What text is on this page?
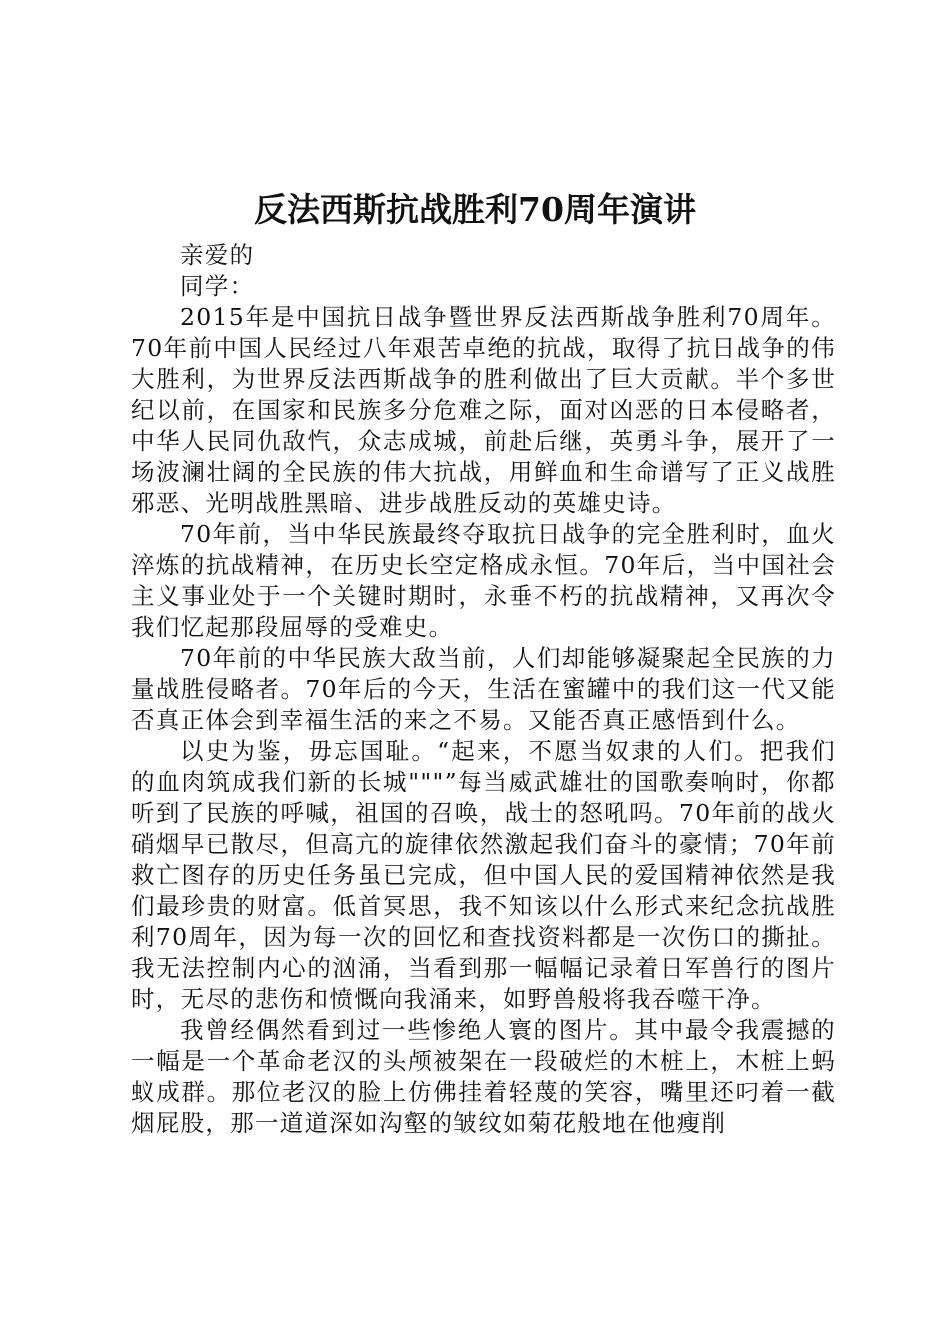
反法西斯抗战胜利70周年演讲

亲爱的

同学：

2015年是中国抗日战争暨世界反法西斯战争胜利70周年。70年前中国人民经过八年艰苦卓绝的抗战，取得了抗日战争的伟大胜利，为世界反法西斯战争的胜利做出了巨大贡献。半个多世纪以前，在国家和民族多分危难之际，面对凶恶的日本侵略者，中华人民同仇敌忾，众志成城，前赴后继，英勇斗争，展开了一场波澜壮阔的全民族的伟大抗战，用鲜血和生命谱写了正义战胜邪恶、光明战胜黑暗、进步战胜反动的英雄史诗。

70年前，当中华民族最终夺取抗日战争的完全胜利时，血火淬炼的抗战精神，在历史长空定格成永恒。70年后，当中国社会主义事业处于一个关键时期时，永垂不朽的抗战精神，又再次令我们忆起那段屈辱的受难史。

70年前的中华民族大敌当前，人们却能够凝聚起全民族的力量战胜侵略者。70年后的今天，生活在蜜罐中的我们这一代又能否真正体会到幸福生活的来之不易。又能否真正感悟到什么。

以史为鉴，毋忘国耻。“起来，不愿当奴隶的人们。把我们的血肉筑成我们新的长城"""”每当威武雄壮的国歌奏响时，你都听到了民族的呼喊，祖国的召唤，战士的怒吼吗。70年前的战火硝烟早已散尽，但高亢的旋律依然激起我们奋斗的豪情；70年前救亡图存的历史任务虽已完成，但中国人民的爱国精神依然是我们最珍贵的财富。低首冥思，我不知该以什么形式来纪念抗战胜利70周年，因为每一次的回忆和查找资料都是一次伤口的撕扯。我无法控制内心的汹涌，当看到那一幅幅记录着日军兽行的图片时，无尽的悲伤和愤慨向我涌来，如野兽般将我吞噬干净。

我曾经偶然看到过一些惨绝人寰的图片。其中最令我震撼的一幅是一个革命老汉的头颅被架在一段破烂的木桩上，木桩上蚂蚁成群。那位老汉的脸上仿佛挂着轻蔑的笑容，嘴里还叼着一截烟屁股，那一道道深如沟壑的皱纹如菊花般地在他瘦削
